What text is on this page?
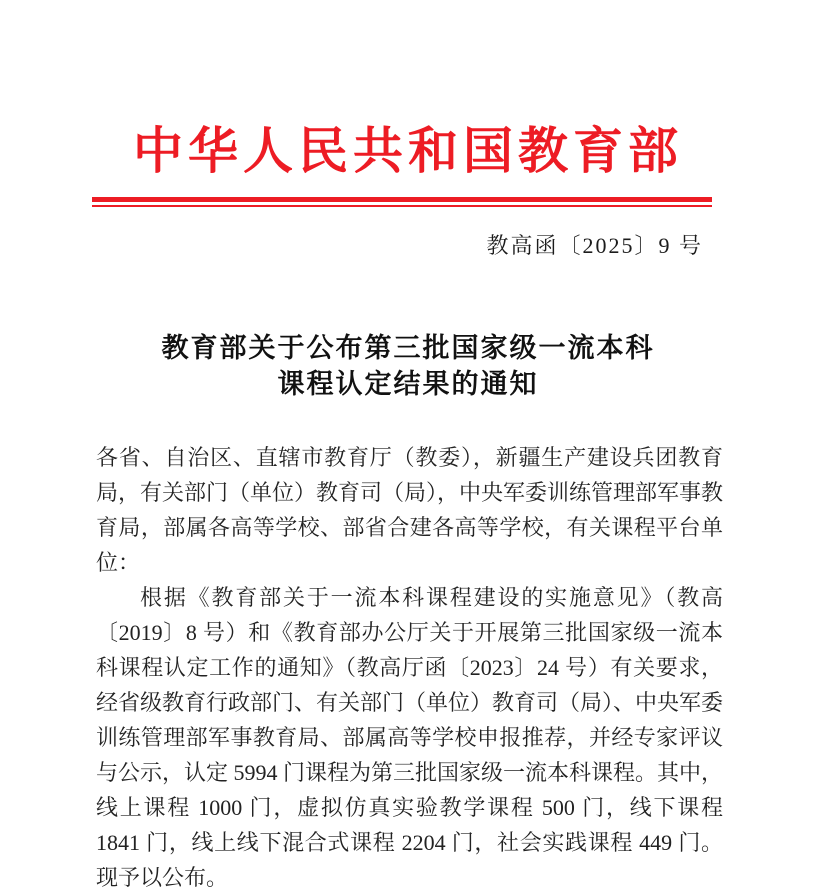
中华人民共和国教育部
教高函〔2025〕9 号
教育部关于公布第三批国家级一流本科
课程认定结果的通知

各省、自治区、直辖市教育厅（教委），新疆生产建设兵团教育局，有关部门（单位）教育司（局），中央军委训练管理部军事教育局，部属各高等学校、部省合建各高等学校，有关课程平台单位：

根据《教育部关于一流本科课程建设的实施意见》（教高〔2019〕8 号）和《教育部办公厅关于开展第三批国家级一流本科课程认定工作的通知》（教高厅函〔2023〕24 号）有关要求，经省级教育行政部门、有关部门（单位）教育司（局）、中央军委训练管理部军事教育局、部属高等学校申报推荐，并经专家评议与公示，认定 5994 门课程为第三批国家级一流本科课程。其中，线上课程 1000 门，虚拟仿真实验教学课程 500 门，线下课程 1841 门，线上线下混合式课程 2204 门，社会实践课程 449 门。现予以公布。
